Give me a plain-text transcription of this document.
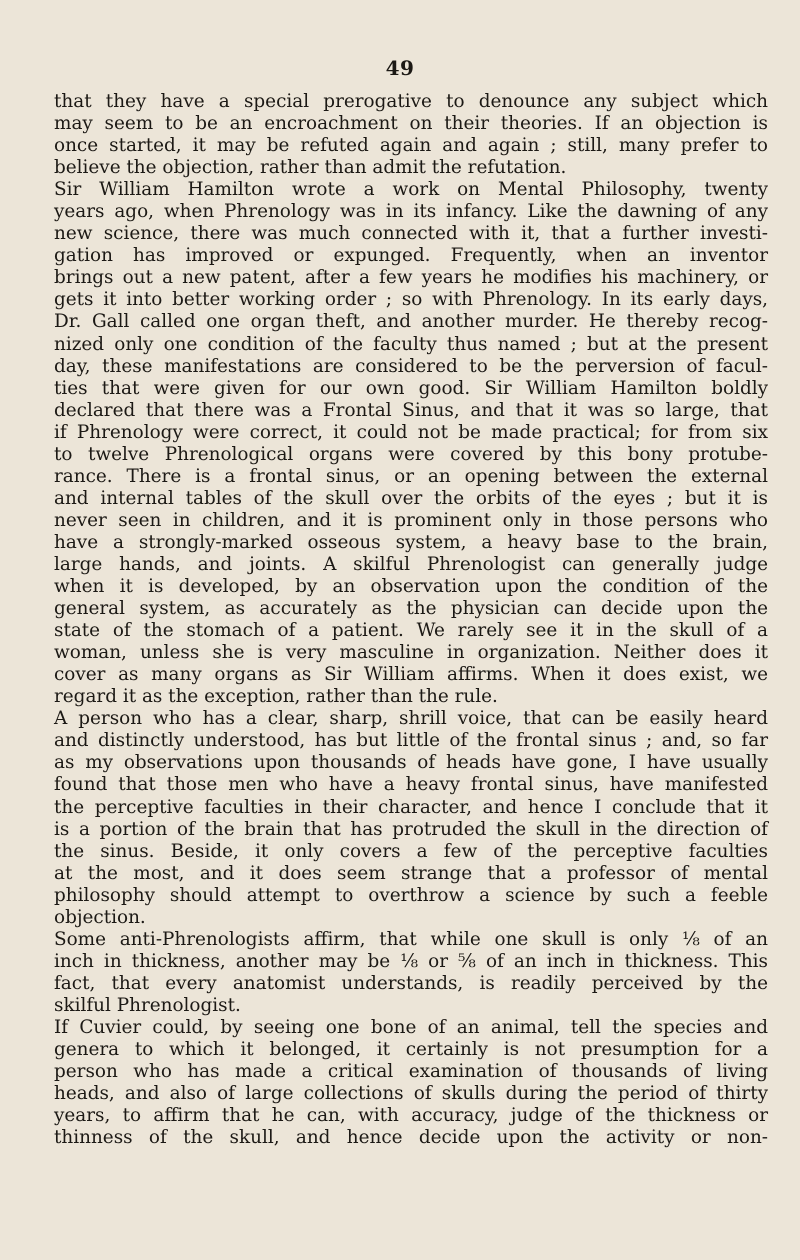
49
that they have a special prerogative to denounce any subject which
may seem to be an encroachment on their theories. If an objection is
once started, it may be refuted again and again ; still, many prefer to
believe the objection, rather than admit the refutation.
Sir William Hamilton wrote a work on Mental Philosophy, twenty
years ago, when Phrenology was in its infancy. Like the dawning of any
new science, there was much connected with it, that a further investi-
gation has improved or expunged. Frequently, when an inventor
brings out a new patent, after a few years he modifies his machinery, or
gets it into better working order ; so with Phrenology. In its early days,
Dr. Gall called one organ theft, and another murder. He thereby recog-
nized only one condition of the faculty thus named ; but at the present
day, these manifestations are considered to be the perversion of facul-
ties that were given for our own good. Sir William Hamilton boldly
declared that there was a Frontal Sinus, and that it was so large, that
if Phrenology were correct, it could not be made practical; for from six
to twelve Phrenological organs were covered by this bony protube-
rance. There is a frontal sinus, or an opening between the external
and internal tables of the skull over the orbits of the eyes ; but it is
never seen in children, and it is prominent only in those persons who
have a strongly-marked osseous system, a heavy base to the brain,
large hands, and joints. A skilful Phrenologist can generally judge
when it is developed, by an observation upon the condition of the
general system, as accurately as the physician can decide upon the
state of the stomach of a patient. We rarely see it in the skull of a
woman, unless she is very masculine in organization. Neither does it
cover as many organs as Sir William affirms. When it does exist, we
regard it as the exception, rather than the rule.
A person who has a clear, sharp, shrill voice, that can be easily heard
and distinctly understood, has but little of the frontal sinus ; and, so far
as my observations upon thousands of heads have gone, I have usually
found that those men who have a heavy frontal sinus, have manifested
the perceptive faculties in their character, and hence I conclude that it
is a portion of the brain that has protruded the skull in the direction of
the sinus. Beside, it only covers a few of the perceptive faculties
at the most, and it does seem strange that a professor of mental
philosophy should attempt to overthrow a science by such a feeble
objection.
Some anti-Phrenologists affirm, that while one skull is only ⅛ of an
inch in thickness, another may be ⅛ or ⅝ of an inch in thickness. This
fact, that every anatomist understands, is readily perceived by the
skilful Phrenologist.
If Cuvier could, by seeing one bone of an animal, tell the species and
genera to which it belonged, it certainly is not presumption for a
person who has made a critical examination of thousands of living
heads, and also of large collections of skulls during the period of thirty
years, to affirm that he can, with accuracy, judge of the thickness or
thinness of the skull, and hence decide upon the activity or non-
